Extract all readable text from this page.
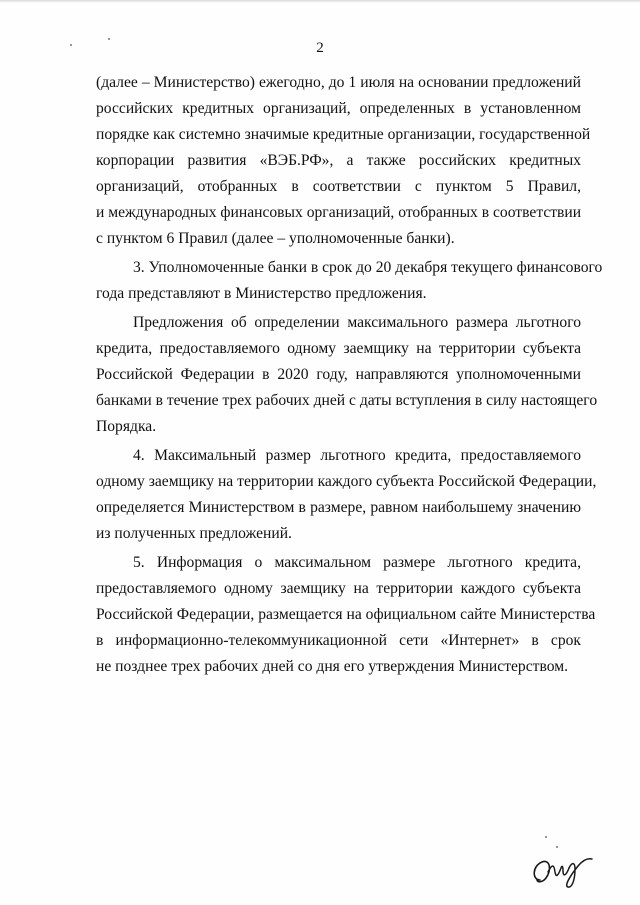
2
(далее – Министерство) ежегодно, до 1 июля на основании предложений
российских кредитных организаций, определенных в установленном
порядке как системно значимые кредитные организации, государственной
корпорации развития «ВЭБ.РФ», а также российских кредитных
организаций, отобранных в соответствии с пунктом 5 Правил,
и международных финансовых организаций, отобранных в соответствии
с пунктом 6 Правил (далее – уполномоченные банки).
3. Уполномоченные банки в срок до 20 декабря текущего финансового
года представляют в Министерство предложения.
Предложения об определении максимального размера льготного
кредита, предоставляемого одному заемщику на территории субъекта
Российской Федерации в 2020 году, направляются уполномоченными
банками в течение трех рабочих дней с даты вступления в силу настоящего
Порядка.
4. Максимальный размер льготного кредита, предоставляемого
одному заемщику на территории каждого субъекта Российской Федерации,
определяется Министерством в размере, равном наибольшему значению
из полученных предложений.
5. Информация о максимальном размере льготного кредита,
предоставляемого одному заемщику на территории каждого субъекта
Российской Федерации, размещается на официальном сайте Министерства
в информационно-телекоммуникационной сети «Интернет» в срок
не позднее трех рабочих дней со дня его утверждения Министерством.
